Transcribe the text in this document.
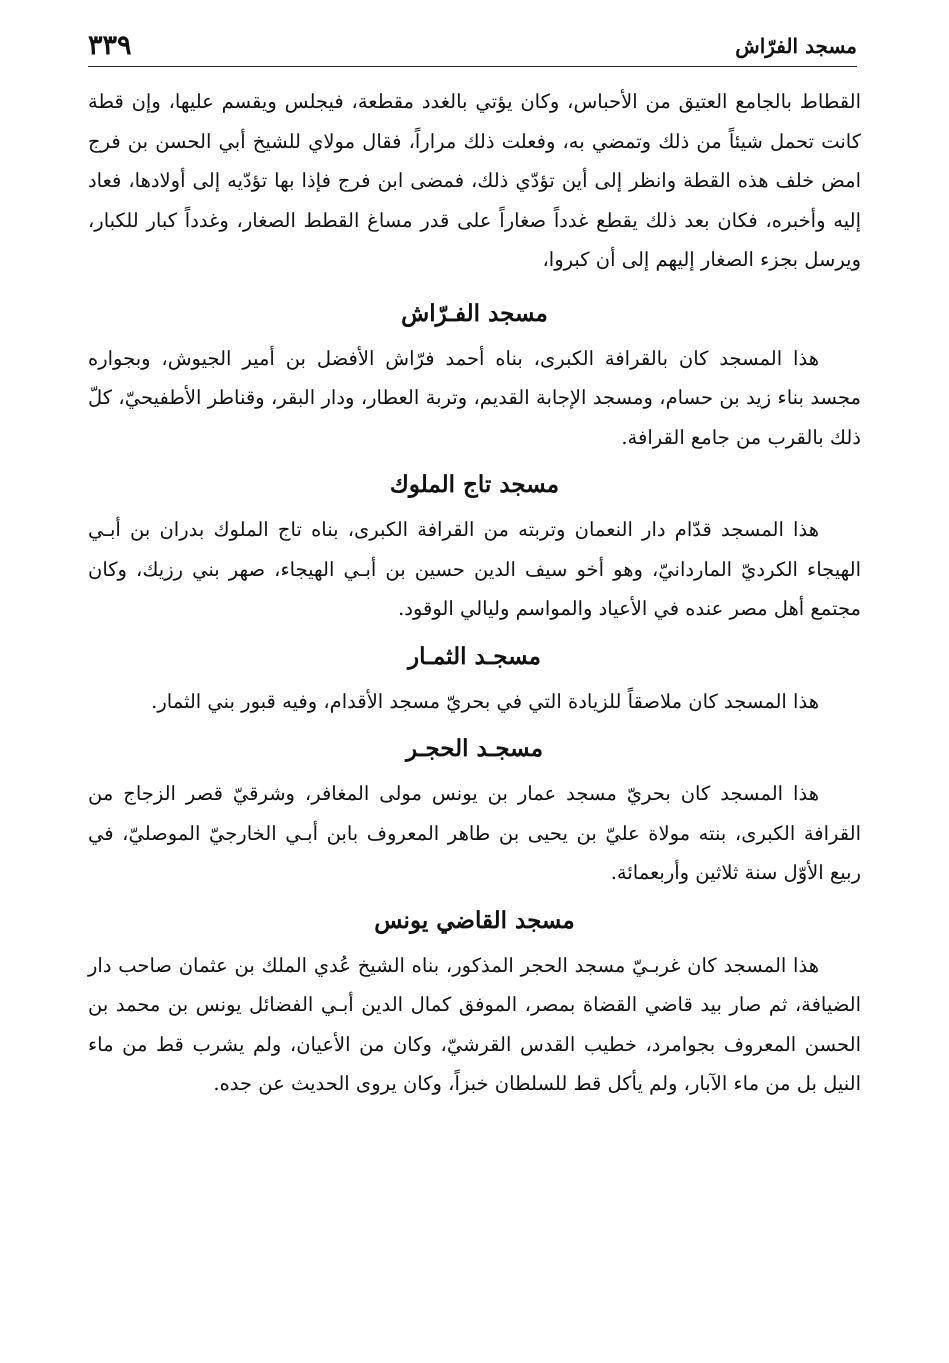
مسجد الفرّاش
٣٣٩

القطاط بالجامع العتيق من الأحباس، وكان يؤتي بالغدد مقطعة، فيجلس ويقسم عليها، وإن قطة كانت تحمل شيئاً من ذلك وتمضي به، وفعلت ذلك مراراً، فقال مولاي للشيخ أبي الحسن بن فرج امض خلف هذه القطة وانظر إلى أين تؤدّي ذلك، فمضى ابن فرج فإذا بها تؤدّيه إلى أولادها، فعاد إليه وأخبره، فكان بعد ذلك يقطع غدداً صغاراً على قدر مساغ القطط الصغار، وغدداً كبار للكبار، ويرسل بجزء الصغار إليهم إلى أن كبروا،

مسجد الفـرّاش

هذا المسجد كان بالقرافة الكبرى، بناه أحمد فرّاش الأفضل بن أمير الجيوش، وبجواره مجسد بناء زيد بن حسام، ومسجد الإجابة القديم، وتربة العطار، ودار البقر، وقناطر الأطفيحيّ، كلّ ذلك بالقرب من جامع القرافة.

مسجد تاج الملوك

هذا المسجد قدّام دار النعمان وتربته من القرافة الكبرى، بناه تاج الملوك بدران بن أبـي الهيجاء الكرديّ الماردانيّ، وهو أخو سيف الدين حسين بن أبـي الهيجاء، صهر بني رزيك، وكان مجتمع أهل مصر عنده في الأعياد والمواسم وليالي الوقود.

مسجـد الثمـار

هذا المسجد كان ملاصقاً للزيادة التي في بحريّ مسجد الأقدام، وفيه قبور بني الثمار.

مسجـد الحجـر

هذا المسجد كان بحريّ مسجد عمار بن يونس مولى المغافر، وشرقيّ قصر الزجاج من القرافة الكبرى، بنته مولاة عليّ بن يحيى بن طاهر المعروف بابن أبـي الخارجيّ الموصليّ، في ربيع الأوّل سنة ثلاثين وأربعمائة.

مسجد القاضي يونس

هذا المسجد كان غربـيّ مسجد الحجر المذكور، بناه الشيخ عُدي الملك بن عثمان صاحب دار الضيافة، ثم صار بيد قاضي القضاة بمصر، الموفق كمال الدين أبـي الفضائل يونس بن محمد بن الحسن المعروف بجوامرد، خطيب القدس القرشيّ، وكان من الأعيان، ولم يشرب قط من ماء النيل بل من ماء الآبار، ولم يأكل قط للسلطان خبزاً، وكان يروى الحديث عن جده.
